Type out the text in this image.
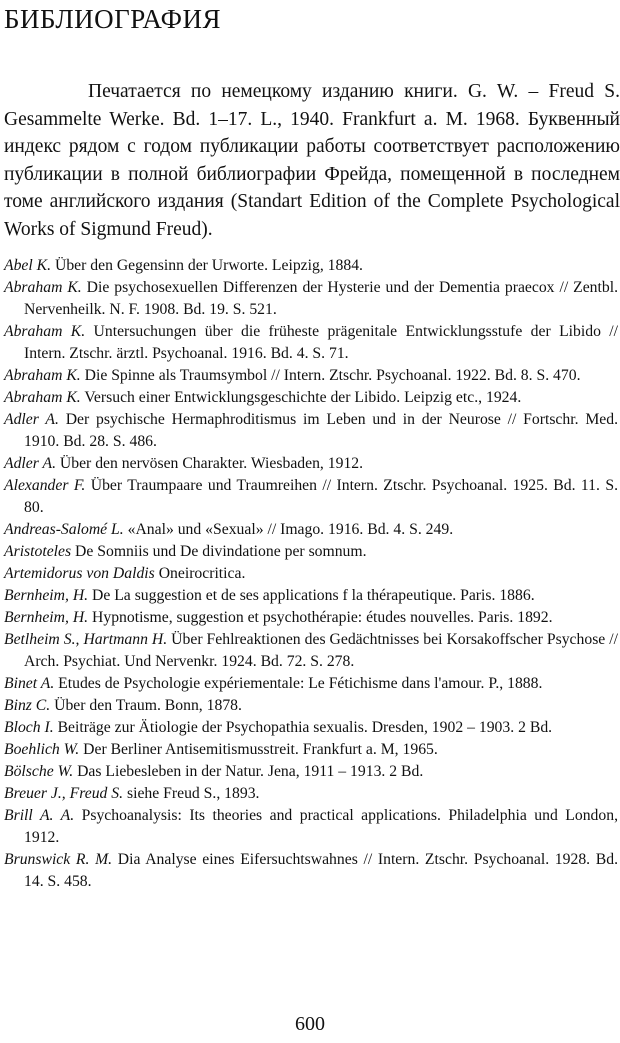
БИБЛИОГРАФИЯ

Печатается по немецкому изданию книги. G. W. – Freud S. Gesammelte Werke. Bd. 1–17. L., 1940. Frankfurt a. M. 1968. Буквенный индекс рядом с годом публикации работы соответствует расположению публикации в полной библиографии Фрейда, помещенной в последнем томе английского издания (Standart Edition of the Complete Psychological Works of Sigmund Freud).

Abel K. Über den Gegensinn der Urworte. Leipzig, 1884.
Abraham K. Die psychosexuellen Differenzen der Hysterie und der Dementia praecox // Zentbl. Nervenheilk. N. F. 1908. Bd. 19. S. 521.
Abraham K. Untersuchungen über die früheste prägenitale Entwicklungsstufe der Libido // Intern. Ztschr. ärztl. Psychoanal. 1916. Bd. 4. S. 71.
Abraham K. Die Spinne als Traumsymbol // Intern. Ztschr. Psychoanal. 1922. Bd. 8. S. 470.
Abraham K. Versuch einer Entwicklungsgeschichte der Libido. Leipzig etc., 1924.
Adler A. Der psychische Hermaphroditismus im Leben und in der Neurose // Fortschr. Med. 1910. Bd. 28. S. 486.
Adler A. Über den nervösen Charakter. Wiesbaden, 1912.
Alexander F. Über Traumpaare und Traumreihen // Intern. Ztschr. Psychoanal. 1925. Bd. 11. S. 80.
Andreas-Salomé L. «Anal» und «Sexual» // Imago. 1916. Bd. 4. S. 249.
Aristoteles De Somniis und De divindatione per somnum.
Artemidorus von Daldis Oneirocritica.
Bernheim, H. De La suggestion et de ses applications f la thérapeutique. Paris. 1886.
Bernheim, H. Hypnotisme, suggestion et psychothérapie: études nouvelles. Paris. 1892.
Betlheim S., Hartmann H. Über Fehlreaktionen des Gedächtnisses bei Korsakoffscher Psychose // Arch. Psychiat. Und Nervenkr. 1924. Bd. 72. S. 278.
Binet A. Etudes de Psychologie expériementale: Le Fétichisme dans l'amour. P., 1888.
Binz C. Über den Traum. Bonn, 1878.
Bloch I. Beiträge zur Ätiologie der Psychopathia sexualis. Dresden, 1902 – 1903. 2 Bd.
Boehlich W. Der Berliner Antisemitismusstreit. Frankfurt a. M, 1965.
Bölsche W. Das Liebesleben in der Natur. Jena, 1911 – 1913. 2 Bd.
Breuer J., Freud S. siehe Freud S., 1893.
Brill A. A. Psychoanalysis: Its theories and practical applications. Philadelphia und London, 1912.
Brunswick R. M. Dia Analyse eines Eifersuchtswahnes // Intern. Ztschr. Psychoanal. 1928. Bd. 14. S. 458.
600
